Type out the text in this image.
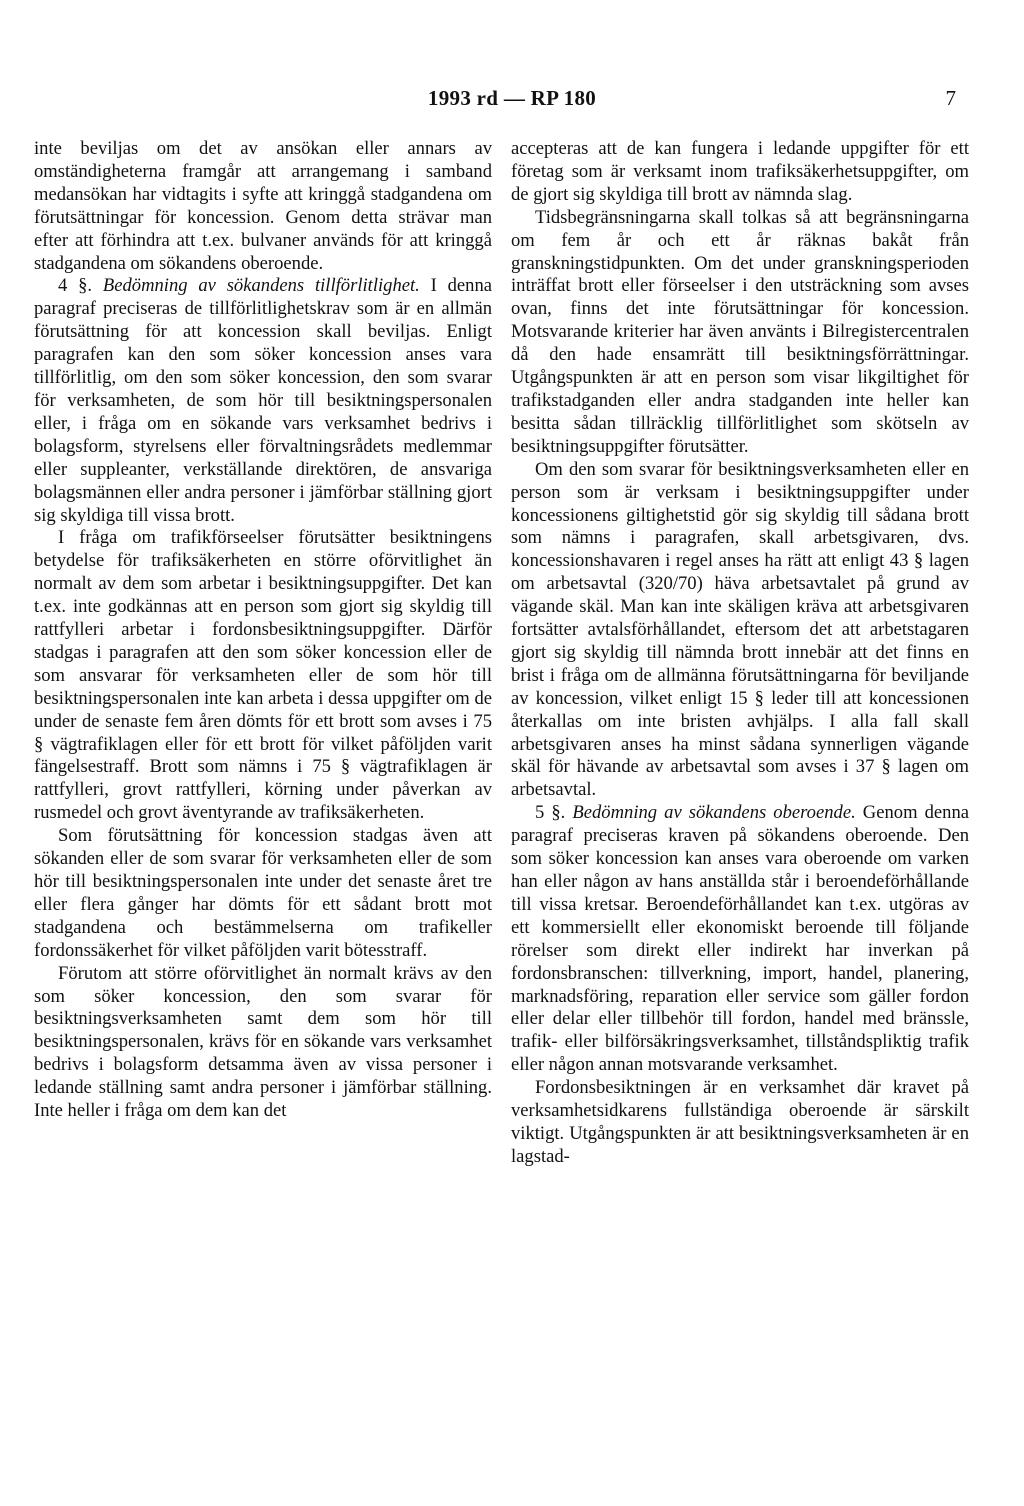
1993 rd — RP 180	7

inte beviljas om det av ansökan eller annars av omständigheterna framgår att arrangemang i samband medansökan har vidtagits i syfte att kringgå stadgandena om förutsättningar för koncession. Genom detta strävar man efter att förhindra att t.ex. bulvaner används för att kringgå stadgandena om sökandens oberoende.

4 §. Bedömning av sökandens tillförlitlighet. I denna paragraf preciseras de tillförlitlighetskrav som är en allmän förutsättning för att koncession skall beviljas. Enligt paragrafen kan den som söker koncession anses vara tillförlitlig, om den som söker koncession, den som svarar för verksamheten, de som hör till besiktningspersonalen eller, i fråga om en sökande vars verksamhet bedrivs i bolagsform, styrelsens eller förvaltningsrådets medlemmar eller suppleanter, verkställande direktören, de ansvariga bolagsmännen eller andra personer i jämförbar ställning gjort sig skyldiga till vissa brott.

I fråga om trafikförseelser förutsätter besiktningens betydelse för trafiksäkerheten en större oförvitlighet än normalt av dem som arbetar i besiktningsuppgifter. Det kan t.ex. inte godkännas att en person som gjort sig skyldig till rattfylleri arbetar i fordonsbesiktningsuppgifter. Därför stadgas i paragrafen att den som söker koncession eller de som ansvarar för verksamheten eller de som hör till besiktningspersonalen inte kan arbeta i dessa uppgifter om de under de senaste fem åren dömts för ett brott som avses i 75 § vägtrafiklagen eller för ett brott för vilket påföljden varit fängelsestraff. Brott som nämns i 75 § vägtrafiklagen är rattfylleri, grovt rattfylleri, körning under påverkan av rusmedel och grovt äventyrande av trafiksäkerheten.

Som förutsättning för koncession stadgas även att sökanden eller de som svarar för verksamheten eller de som hör till besiktningspersonalen inte under det senaste året tre eller flera gånger har dömts för ett sådant brott mot stadgandena och bestämmelserna om trafikeller fordonssäkerhet för vilket påföljden varit bötesstraff.

Förutom att större oförvitlighet än normalt krävs av den som söker koncession, den som svarar för besiktningsverksamheten samt dem som hör till besiktningspersonalen, krävs för en sökande vars verksamhet bedrivs i bolagsform detsamma även av vissa personer i ledande ställning samt andra personer i jämförbar ställning. Inte heller i fråga om dem kan det

accepteras att de kan fungera i ledande uppgifter för ett företag som är verksamt inom trafiksäkerhetsuppgifter, om de gjort sig skyldiga till brott av nämnda slag.

Tidsbegränsningarna skall tolkas så att begränsningarna om fem år och ett år räknas bakåt från granskningstidpunkten. Om det under granskningsperioden inträffat brott eller förseelser i den utsträckning som avses ovan, finns det inte förutsättningar för koncession. Motsvarande kriterier har även använts i Bilregistercentralen då den hade ensamrätt till besiktningsförrättningar. Utgångspunkten är att en person som visar likgiltighet för trafikstadganden eller andra stadganden inte heller kan besitta sådan tillräcklig tillförlitlighet som skötseln av besiktningsuppgifter förutsätter.

Om den som svarar för besiktningsverksamheten eller en person som är verksam i besiktningsuppgifter under koncessionens giltighetstid gör sig skyldig till sådana brott som nämns i paragrafen, skall arbetsgivaren, dvs. koncessionshavaren i regel anses ha rätt att enligt 43 § lagen om arbetsavtal (320/70) häva arbetsavtalet på grund av vägande skäl. Man kan inte skäligen kräva att arbetsgivaren fortsätter avtalsförhållandet, eftersom det att arbetstagaren gjort sig skyldig till nämnda brott innebär att det finns en brist i fråga om de allmänna förutsättningarna för beviljande av koncession, vilket enligt 15 § leder till att koncessionen återkallas om inte bristen avhjälps. I alla fall skall arbetsgivaren anses ha minst sådana synnerligen vägande skäl för hävande av arbetsavtal som avses i 37 § lagen om arbetsavtal.

5 §. Bedömning av sökandens oberoende. Genom denna paragraf preciseras kraven på sökandens oberoende. Den som söker koncession kan anses vara oberoende om varken han eller någon av hans anställda står i beroendeförhållande till vissa kretsar. Beroendeförhållandet kan t.ex. utgöras av ett kommersiellt eller ekonomiskt beroende till följande rörelser som direkt eller indirekt har inverkan på fordonsbranschen: tillverkning, import, handel, planering, marknadsföring, reparation eller service som gäller fordon eller delar eller tillbehör till fordon, handel med bränssle, trafik- eller bilförsäkringsverksamhet, tillståndspliktig trafik eller någon annan motsvarande verksamhet.

Fordonsbesiktningen är en verksamhet där kravet på verksamhetsidkarens fullständiga oberoende är särskilt viktigt. Utgångspunkten är att besiktningsverksamheten är en lagstad-
